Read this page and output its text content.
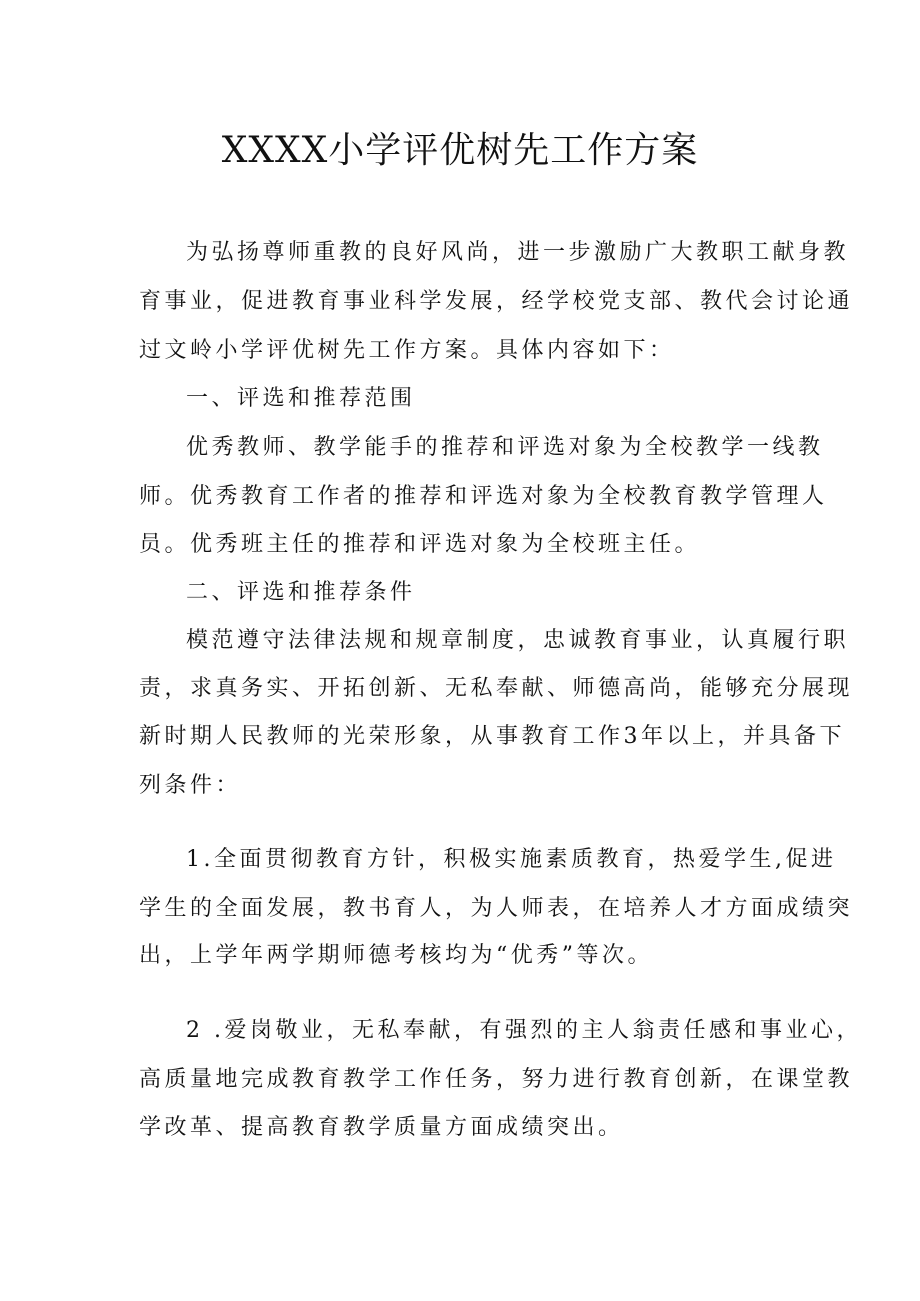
XXXX小学评优树先工作方案
为弘扬尊师重教的良好风尚，进一步激励广大教职工献身教
育事业，促进教育事业科学发展，经学校党支部、教代会讨论通
过文岭小学评优树先工作方案。具体内容如下：
一、评选和推荐范围
优秀教师、教学能手的推荐和评选对象为全校教学一线教
师。优秀教育工作者的推荐和评选对象为全校教育教学管理人
员。优秀班主任的推荐和评选对象为全校班主任。
二、评选和推荐条件
模范遵守法律法规和规章制度，忠诚教育事业，认真履行职
责，求真务实、开拓创新、无私奉献、师德高尚，能够充分展现
新时期人民教师的光荣形象，从事教育工作3年以上，并具备下
列条件：
1.全面贯彻教育方针，积极实施素质教育，热爱学生,促进
学生的全面发展，教书育人，为人师表，在培养人才方面成绩突
出，上学年两学期师德考核均为“优秀”等次。
2 .爱岗敬业，无私奉献，有强烈的主人翁责任感和事业心，
高质量地完成教育教学工作任务，努力进行教育创新，在课堂教
学改革、提高教育教学质量方面成绩突出。
